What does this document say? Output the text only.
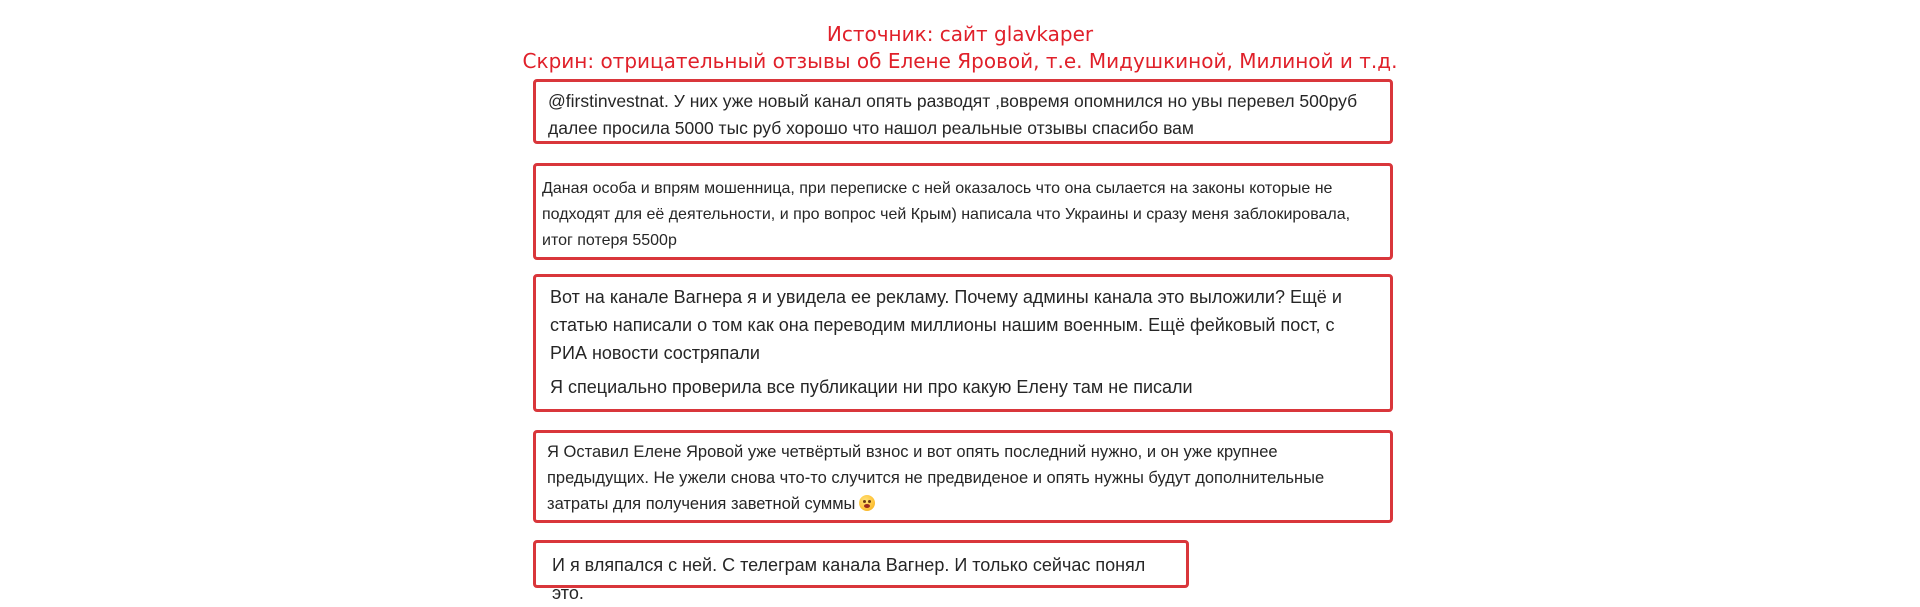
Источник: сайт glavkaper
Скрин: отрицательный отзывы об Елене Яровой, т.е. Мидушкиной, Милиной и т.д.

@firstinvestnat. У них уже новый канал опять разводят ,вовремя опомнился но увы перевел 500руб далее просила 5000 тыс руб хорошо что нашол реальные отзывы спасибо вам

Даная особа и впрям мошенница, при переписке с ней оказалось что она сылается на законы которые не подходят для её деятельности, и про вопрос чей Крым) написала что Украины и сразу меня заблокировала, итог потеря 5500р

Вот на канале Вагнера я и увидела ее рекламу. Почему админы канала это выложили? Ещё и статью написали о том как она переводим миллионы нашим военным. Ещё фейковый пост, с РИА новости состряпали

Я специально проверила все публикации ни про какую Елену там не писали

Я Оставил Елене Яровой уже четвёртый взнос и вот опять последний нужно, и он уже крупнее предыдущих. Не ужели снова что-то случится не предвиденое и опять нужны будут дополнительные затраты для получения заветной суммы

И я вляпался с ней. С телеграм канала Вагнер. И только сейчас понял это.
